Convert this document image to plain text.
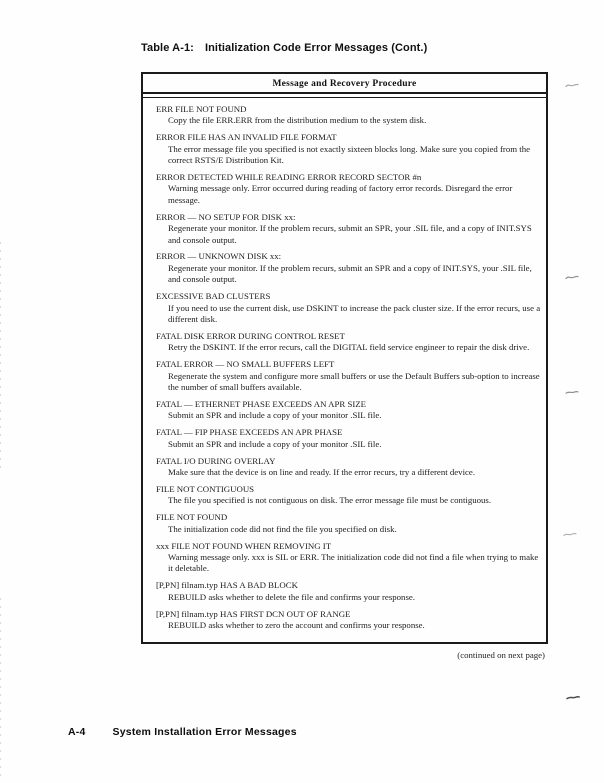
Table A-1: Initialization Code Error Messages (Cont.)
Message and Recovery Procedure
ERR FILE NOT FOUND
Copy the file ERR.ERR from the distribution medium to the system disk.
ERROR FILE HAS AN INVALID FILE FORMAT
The error message file you specified is not exactly sixteen blocks long. Make sure you copied from the correct RSTS/E Distribution Kit.
ERROR DETECTED WHILE READING ERROR RECORD SECTOR #n
Warning message only. Error occurred during reading of factory error records. Disregard the error message.
ERROR — NO SETUP FOR DISK xx:
Regenerate your monitor. If the problem recurs, submit an SPR, your .SIL file, and a copy of INIT.SYS and console output.
ERROR — UNKNOWN DISK xx:
Regenerate your monitor. If the problem recurs, submit an SPR and a copy of INIT.SYS, your .SIL file, and console output.
EXCESSIVE BAD CLUSTERS
If you need to use the current disk, use DSKINT to increase the pack cluster size. If the error recurs, use a different disk.
FATAL DISK ERROR DURING CONTROL RESET
Retry the DSKINT. If the error recurs, call the DIGITAL field service engineer to repair the disk drive.
FATAL ERROR — NO SMALL BUFFERS LEFT
Regenerate the system and configure more small buffers or use the Default Buffers sub-option to increase the number of small buffers available.
FATAL — ETHERNET PHASE EXCEEDS AN APR SIZE
Submit an SPR and include a copy of your monitor .SIL file.
FATAL — FIP PHASE EXCEEDS AN APR PHASE
Submit an SPR and include a copy of your monitor .SIL file.
FATAL I/O DURING OVERLAY
Make sure that the device is on line and ready. If the error recurs, try a different device.
FILE NOT CONTIGUOUS
The file you specified is not contiguous on disk. The error message file must be contiguous.
FILE NOT FOUND
The initialization code did not find the file you specified on disk.
xxx FILE NOT FOUND WHEN REMOVING IT
Warning message only. xxx is SIL or ERR. The initialization code did not find a file when trying to make it deletable.
[P,PN] filnam.typ HAS A BAD BLOCK
REBUILD asks whether to delete the file and confirms your response.
[P,PN] filnam.typ HAS FIRST DCN OUT OF RANGE
REBUILD asks whether to zero the account and confirms your response.
(continued on next page)
A-4	System Installation Error Messages
